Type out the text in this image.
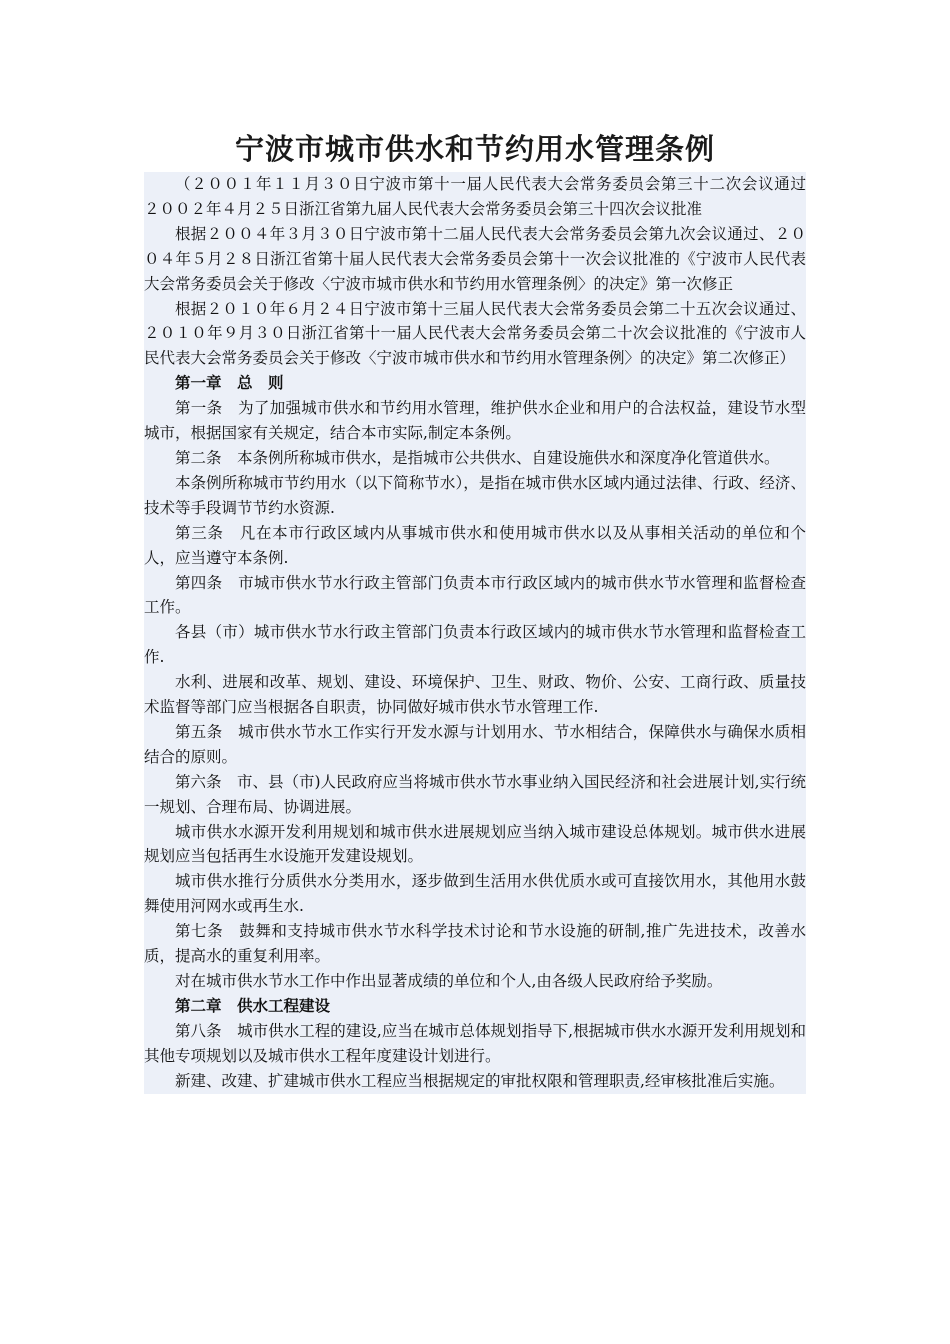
宁波市城市供水和节约用水管理条例

（２００１年１１月３０日宁波市第十一届人民代表大会常务委员会第三十二次会议通过　２００２年４月２５日浙江省第九届人民代表大会常务委员会第三十四次会议批准

根据２００４年３月３０日宁波市第十二届人民代表大会常务委员会第九次会议通过、２００４年５月２８日浙江省第十届人民代表大会常务委员会第十一次会议批准的《宁波市人民代表大会常务委员会关于修改〈宁波市城市供水和节约用水管理条例〉的决定》第一次修正

根据２０１０年６月２４日宁波市第十三届人民代表大会常务委员会第二十五次会议通过、２０１０年９月３０日浙江省第十一届人民代表大会常务委员会第二十次会议批准的《宁波市人民代表大会常务委员会关于修改〈宁波市城市供水和节约用水管理条例〉的决定》第二次修正）

第一章　总　则

第一条　为了加强城市供水和节约用水管理，维护供水企业和用户的合法权益，建设节水型城市，根据国家有关规定，结合本市实际,制定本条例。

第二条　本条例所称城市供水，是指城市公共供水、自建设施供水和深度净化管道供水。

本条例所称城市节约用水（以下简称节水），是指在城市供水区域内通过法律、行政、经济、技术等手段调节节约水资源.

第三条　凡在本市行政区域内从事城市供水和使用城市供水以及从事相关活动的单位和个人，应当遵守本条例.

第四条　市城市供水节水行政主管部门负责本市行政区域内的城市供水节水管理和监督检查工作。

各县（市）城市供水节水行政主管部门负责本行政区域内的城市供水节水管理和监督检查工作.

水利、进展和改革、规划、建设、环境保护、卫生、财政、物价、公安、工商行政、质量技术监督等部门应当根据各自职责，协同做好城市供水节水管理工作.

第五条　城市供水节水工作实行开发水源与计划用水、节水相结合，保障供水与确保水质相结合的原则。

第六条　市、县（市)人民政府应当将城市供水节水事业纳入国民经济和社会进展计划,实行统一规划、合理布局、协调进展。

城市供水水源开发利用规划和城市供水进展规划应当纳入城市建设总体规划。城市供水进展规划应当包括再生水设施开发建设规划。

城市供水推行分质供水分类用水，逐步做到生活用水供优质水或可直接饮用水，其他用水鼓舞使用河网水或再生水.

第七条　鼓舞和支持城市供水节水科学技术讨论和节水设施的研制,推广先进技术，改善水质，提高水的重复利用率。

对在城市供水节水工作中作出显著成绩的单位和个人,由各级人民政府给予奖励。

第二章　供水工程建设

第八条　城市供水工程的建设,应当在城市总体规划指导下,根据城市供水水源开发利用规划和其他专项规划以及城市供水工程年度建设计划进行。

新建、改建、扩建城市供水工程应当根据规定的审批权限和管理职责,经审核批准后实施。
